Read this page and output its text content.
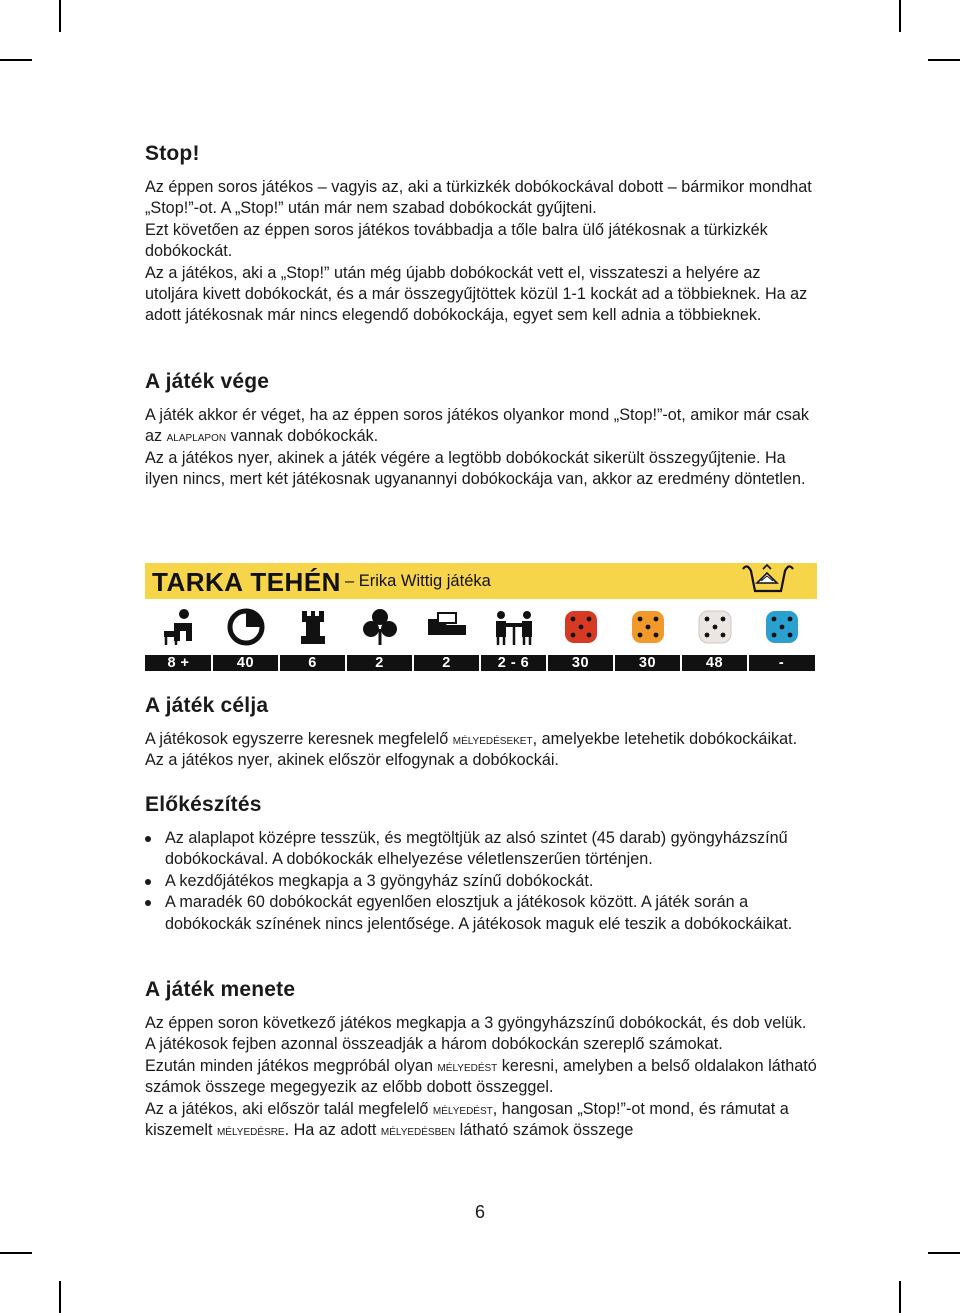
Stop!

Az éppen soros játékos – vagyis az, aki a türkizkék dobókockával dobott – bármikor mondhat „Stop!”-ot. A „Stop!” után már nem szabad dobókockát gyűjteni.

Ezt követően az éppen soros játékos továbbadja a tőle balra ülő játékosnak a türkizkék dobókockát.

Az a játékos, aki a „Stop!” után még újabb dobókockát vett el, visszateszi a helyére az utoljára kivett dobókockát, és a már összegyűjtöttek közül 1-1 kockát ad a többieknek. Ha az adott játékosnak már nincs elegendő dobókockája, egyet sem kell adnia a többieknek.

A játék vége

A játék akkor ér véget, ha az éppen soros játékos olyankor mond „Stop!”-ot, amikor már csak az alaplapon vannak dobókockák.

Az a játékos nyer, akinek a játék végére a legtöbb dobókockát sikerült összegyűjtenie. Ha ilyen nincs, mert két játékosnak ugyanannyi dobókockája van, akkor az eredmény döntetlen.

TARKA TEHÉN – Erika Wittig játéka
8 +	40	6	2	2	2 - 6	30	30	48	-
A játék célja

A játékosok egyszerre keresnek megfelelő mélyedéseket, amelyekbe letehetik dobókockáikat. Az a játékos nyer, akinek először elfogynak a dobókockái.

Előkészítés
Az alaplapot középre tesszük, és megtöltjük az alsó szintet (45 darab) gyöngyházszínű dobókockával. A dobókockák elhelyezése véletlenszerűen történjen.
A kezdőjátékos megkapja a 3 gyöngyház színű dobókockát.
A maradék 60 dobókockát egyenlően elosztjuk a játékosok között. A játék során a dobókockák színének nincs jelentősége. A játékosok maguk elé teszik a dobókockáikat.
A játék menete

Az éppen soron következő játékos megkapja a 3 gyöngyházszínű dobókockát, és dob velük.

A játékosok fejben azonnal összeadják a három dobókockán szereplő számokat.

Ezután minden játékos megpróbál olyan mélyedést keresni, amelyben a belső oldalakon látható számok összege megegyezik az előbb dobott összeggel.

Az a játékos, aki először talál megfelelő mélyedést, hangosan „Stop!”-ot mond, és rámutat a kiszemelt mélyedésre. Ha az adott mélyedésben látható számok összege

6
